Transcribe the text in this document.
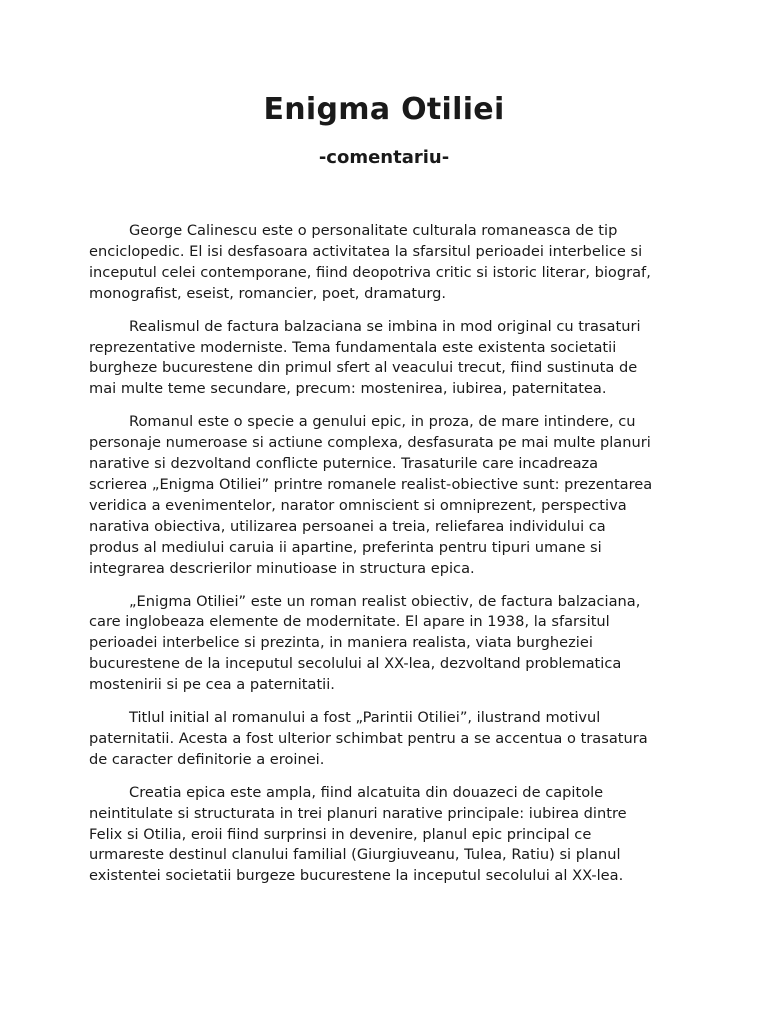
Enigma Otiliei
-comentariu-

George Calinescu este o personalitate culturala romaneasca de tip
enciclopedic. El isi desfasoara activitatea la sfarsitul perioadei interbelice si
inceputul celei contemporane, fiind deopotriva critic si istoric literar, biograf,
monografist, eseist, romancier, poet, dramaturg.

Realismul de factura balzaciana se imbina in mod original cu trasaturi
reprezentative moderniste. Tema fundamentala este existenta societatii
burgheze bucurestene din primul sfert al veacului trecut, fiind sustinuta de
mai multe teme secundare, precum: mostenirea, iubirea, paternitatea.

Romanul este o specie a genului epic, in proza, de mare intindere, cu
personaje numeroase si actiune complexa, desfasurata pe mai multe planuri
narative si dezvoltand conflicte puternice. Trasaturile care incadreaza
scrierea „Enigma Otiliei” printre romanele realist-obiective sunt: prezentarea
veridica a evenimentelor, narator omniscient si omniprezent, perspectiva
narativa obiectiva, utilizarea persoanei a treia, reliefarea individului ca
produs al mediului caruia ii apartine, preferinta pentru tipuri umane si
integrarea descrierilor minutioase in structura epica.

„Enigma Otiliei” este un roman realist obiectiv, de factura balzaciana,
care inglobeaza elemente de modernitate. El apare in 1938, la sfarsitul
perioadei interbelice si prezinta, in maniera realista, viata burgheziei
bucurestene de la inceputul secolului al XX-lea, dezvoltand problematica
mostenirii si pe cea a paternitatii.

Titlul initial al romanului a fost „Parintii Otiliei”, ilustrand motivul
paternitatii. Acesta a fost ulterior schimbat pentru a se accentua o trasatura
de caracter definitorie a eroinei.

Creatia epica este ampla, fiind alcatuita din douazeci de capitole
neintitulate si structurata in trei planuri narative principale: iubirea dintre
Felix si Otilia, eroii fiind surprinsi in devenire, planul epic principal ce
urmareste destinul clanului familial (Giurgiuveanu, Tulea, Ratiu) si planul
existentei societatii burgeze bucurestene la inceputul secolului al XX-lea.
